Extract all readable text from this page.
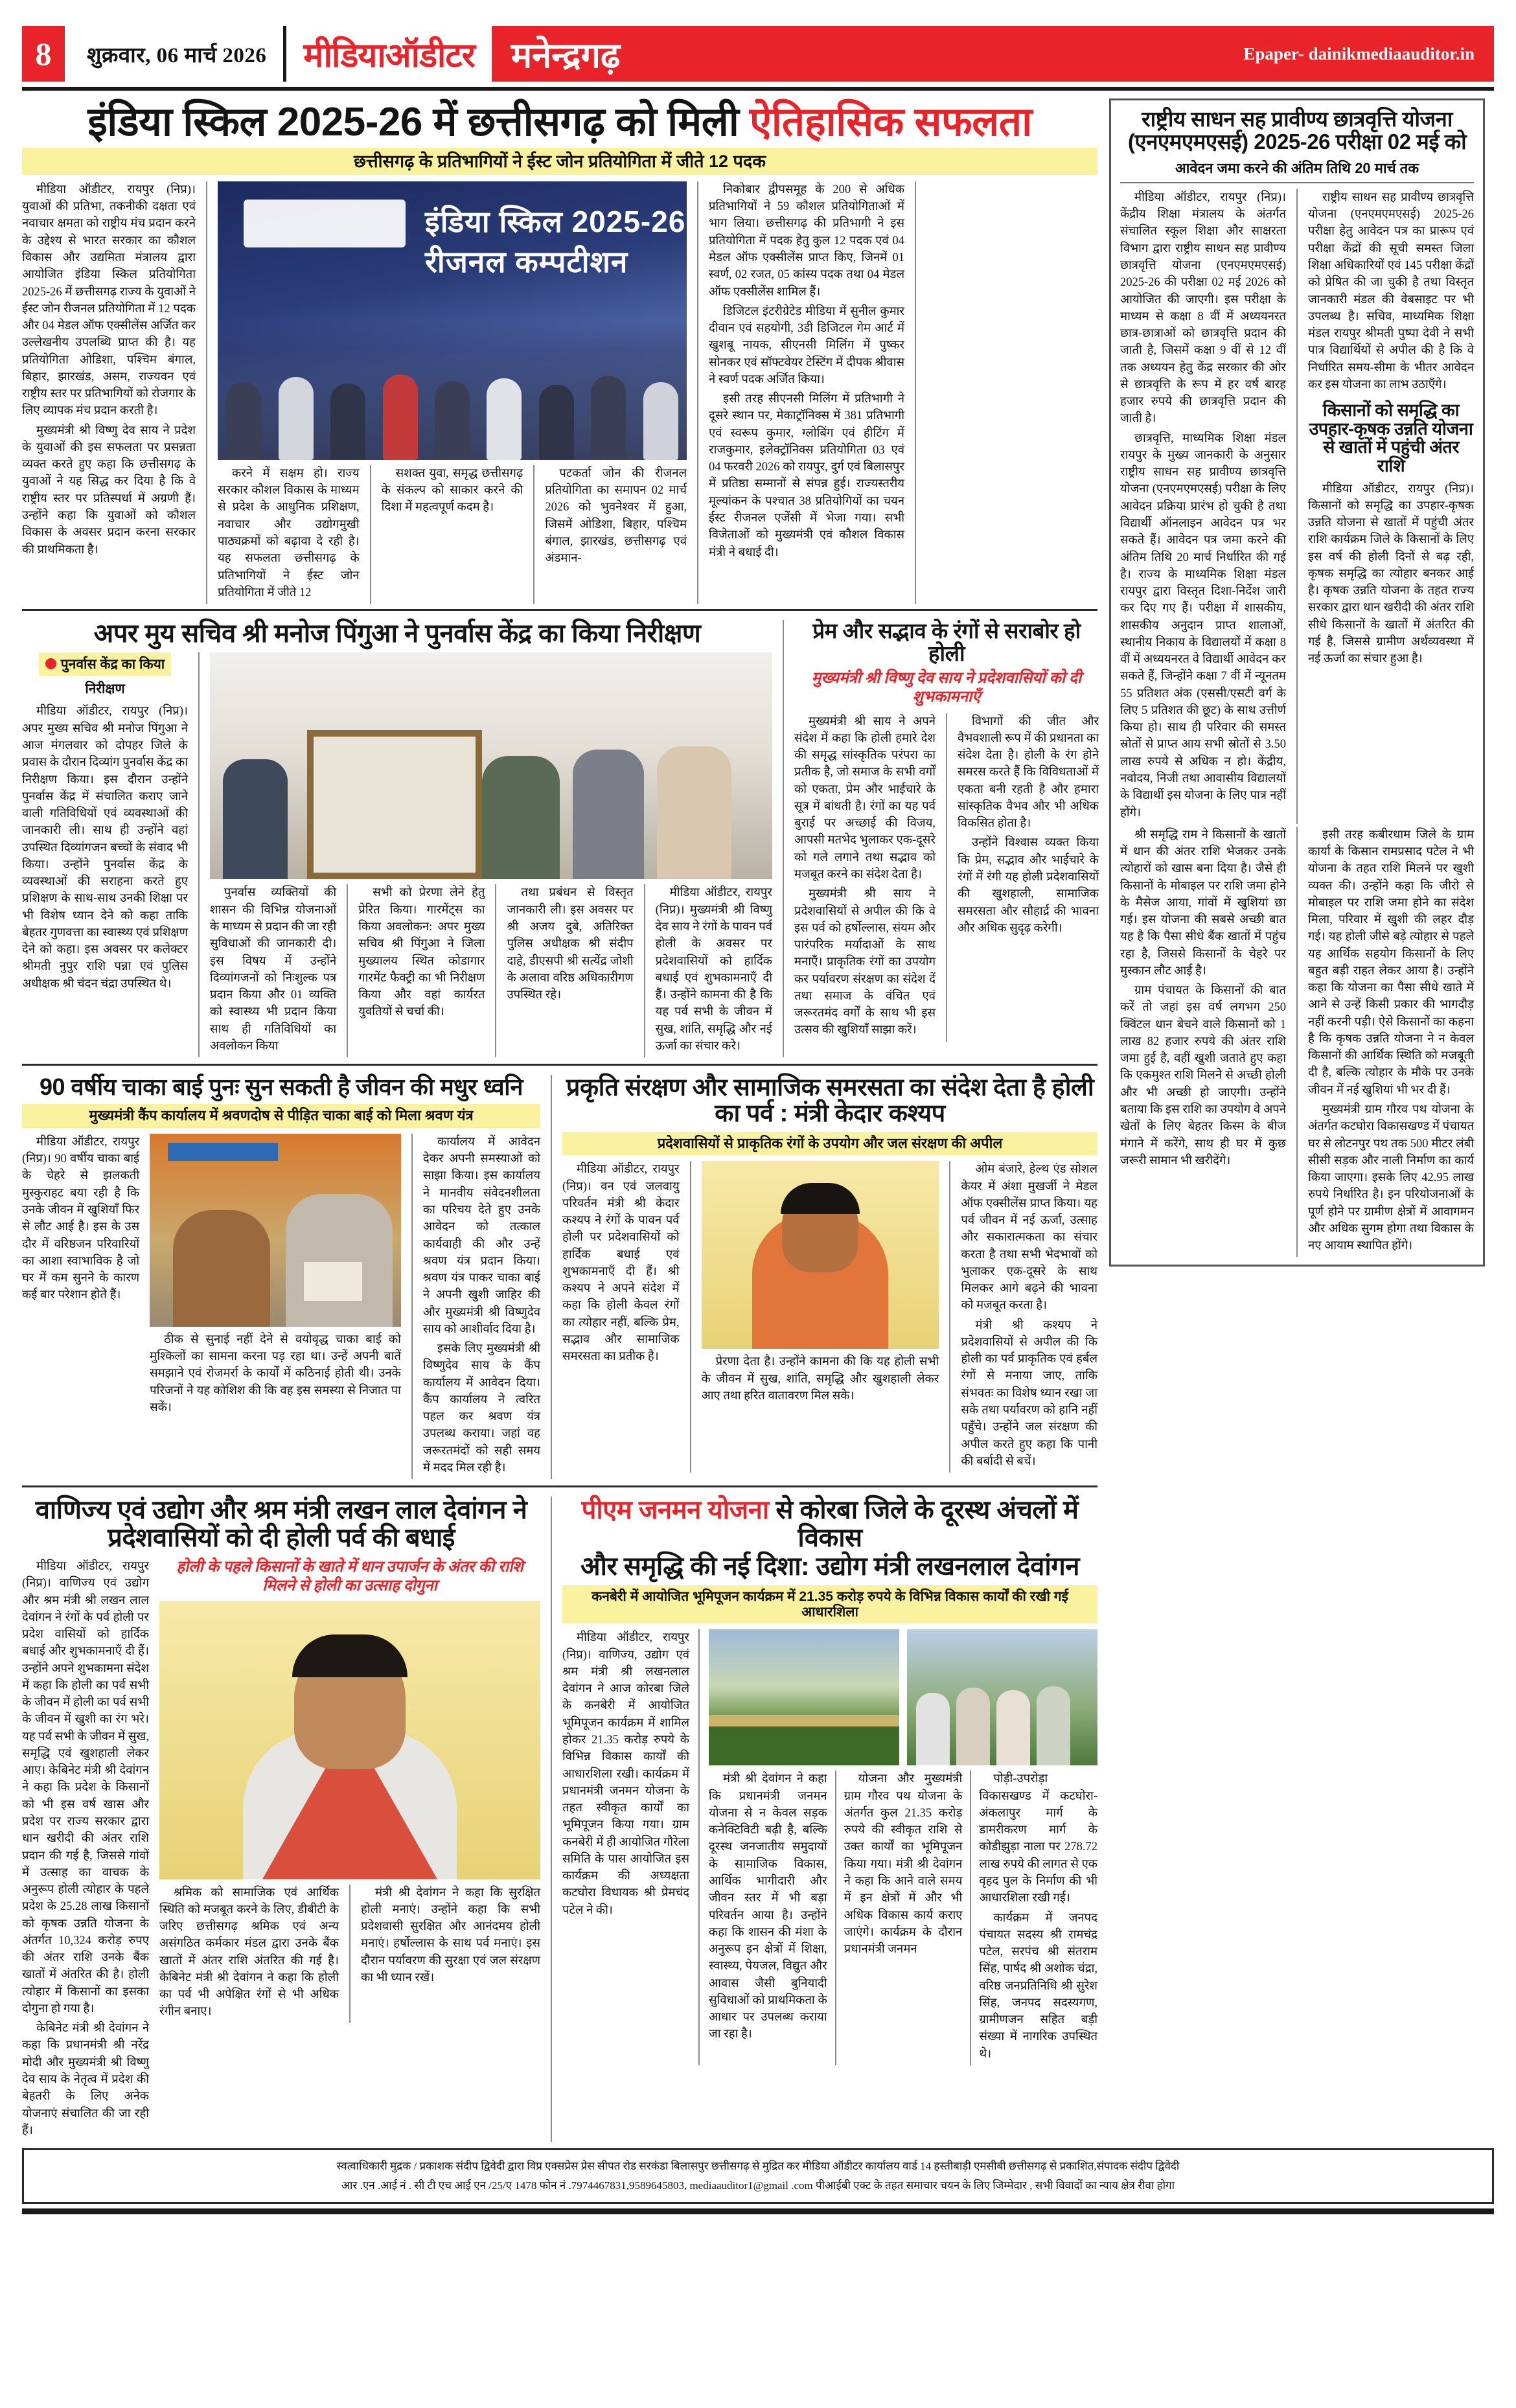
8	शुक्रवार, 06 मार्च 2026 मीडियाऑडीटर मनेन्द्रगढ़	Epaper- dainikmediaauditor.in
इंडिया स्किल 2025-26 में छत्तीसगढ़ को मिली ऐतिहासिक सफलता
छत्तीसगढ़ के प्रतिभागियों ने ईस्ट जोन प्रतियोगिता में जीते 12 पदक

मीडिया ऑडीटर, रायपुर (निप्र)। युवाओं की प्रतिभा, तकनीकी दक्षता एवं नवाचार क्षमता को राष्ट्रीय मंच प्रदान करने के उद्देश्य से भारत सरकार का कौशल विकास और उद्यमिता मंत्रालय द्वारा आयोजित इंडिया स्किल प्रतियोगिता 2025-26 में छत्तीसगढ़ राज्य के युवाओं ने ईस्ट जोन रीजनल प्रतियोगिता में 12 पदक और 04 मेडल ऑफ एक्सीलेंस अर्जित कर उल्लेखनीय उपलब्धि प्राप्त की है। यह प्रतियोगिता ओडिशा, पश्चिम बंगाल, बिहार, झारखंड, असम, राज्यवन एवं राष्ट्रीय स्तर पर प्रतिभागियों को रोजगार के लिए व्यापक मंच प्रदान करती है।

मुख्यमंत्री श्री विष्णु देव साय ने प्रदेश के युवाओं की इस सफलता पर प्रसन्नता व्यक्त करते हुए कहा कि छत्तीसगढ़ के युवाओं ने यह सिद्ध कर दिया है कि वे राष्ट्रीय स्तर पर प्रतिस्पर्धा में अग्रणी हैं। उन्होंने कहा कि युवाओं को कौशल विकास के अवसर प्रदान करना सरकार की प्राथमिकता है।

इंडिया स्किल 2025-26 रीजनल कम्पटीशन

करने में सक्षम हो। राज्य सरकार कौशल विकास के माध्यम से प्रदेश के आधुनिक प्रशिक्षण, नवाचार और उद्योगमुखी पाठ्यक्रमों को बढ़ावा दे रही है। यह सफलता छत्तीसगढ़ के प्रतिभागियों ने ईस्ट जोन प्रतियोगिता में जीते 12

सशक्त युवा, समृद्ध छत्तीसगढ़ के संकल्प को साकार करने की दिशा में महत्वपूर्ण कदम है।

पटकर्ता जोन की रीजनल प्रतियोगिता का समापन 02 मार्च 2026 को भुवनेश्वर में हुआ, जिसमें ओडिशा, बिहार, पश्चिम बंगाल, झारखंड, छत्तीसगढ़ एवं अंडमान-

निकोबार द्वीपसमूह के 200 से अधिक प्रतिभागियों ने 59 कौशल प्रतियोगिताओं में भाग लिया। छत्तीसगढ़ की प्रतिभागी ने इस प्रतियोगिता में पदक हेतु कुल 12 पदक एवं 04 मेडल ऑफ एक्सीलेंस प्राप्त किए, जिनमें 01 स्वर्ण, 02 रजत, 05 कांस्य पदक तथा 04 मेडल ऑफ एक्सीलेंस शामिल हैं।

डिजिटल इंटरीग्रेटेड मीडिया में सुनील कुमार दीवान एवं सहयोगी, 3डी डिजिटल गेम आर्ट में खुशबू नायक, सीएनसी मिलिंग में पुष्कर सोनकर एवं सॉफ्टवेयर टेस्टिंग में दीपक श्रीवास ने स्वर्ण पदक अर्जित किया।

इसी तरह सीएनसी मिलिंग में प्रतिभागी ने दूसरे स्थान पर, मेकाट्रॉनिक्स में 381 प्रतिभागी एवं स्वरूप कुमार, ग्लोबिंग एवं हीटिंग में राजकुमार, इलेक्ट्रॉनिक्स प्रतियोगिता 03 एवं 04 फरवरी 2026 को रायपुर, दुर्ग एवं बिलासपुर में प्रतिष्ठा सम्मानों से संपन्न हुई। राज्यस्तरीय मूल्यांकन के पश्चात 38 प्रतियोगियों का चयन ईस्ट रीजनल एजेंसी में भेजा गया। सभी विजेताओं को मुख्यमंत्री एवं कौशल विकास मंत्री ने बधाई दी।

अपर मुय सचिव श्री मनोज पिंगुआ ने पुनर्वास केंद्र का किया निरीक्षण
पुनर्वास केंद्र का किया
निरीक्षण

मीडिया ऑडीटर, रायपुर (निप्र)। अपर मुख्य सचिव श्री मनोज पिंगुआ ने आज मंगलवार को दोपहर जिले के प्रवास के दौरान दिव्यांग पुनर्वास केंद्र का निरीक्षण किया। इस दौरान उन्होंने पुनर्वास केंद्र में संचालित कराए जाने वाली गतिविधियों एवं व्यवस्थाओं की जानकारी ली। साथ ही उन्होंने वहां उपस्थित दिव्यांगजन बच्चों के संवाद भी किया। उन्होंने पुनर्वास केंद्र के व्यवस्थाओं की सराहना करते हुए प्रशिक्षण के साथ-साथ उनकी शिक्षा पर भी विशेष ध्यान देने को कहा ताकि बेहतर गुणवत्ता का स्वास्थ्य एवं प्रशिक्षण देने को कहा। इस अवसर पर कलेक्टर श्रीमती नुपुर राशि पन्ना एवं पुलिस अधीक्षक श्री चंदन चंद्रा उपस्थित थे।

पुनर्वास व्यक्तियों की शासन की विभिन्न योजनाओं के माध्यम से प्रदान की जा रही सुविधाओं की जानकारी दी। इस विषय में उन्होंने दिव्यांगजनों को निःशुल्क पत्र प्रदान किया और 01 व्यक्ति को स्वास्थ्य भी प्रदान किया साथ ही गतिविधियों का अवलोकन किया

सभी को प्रेरणा लेने हेतु प्रेरित किया। गारमेंट्स का किया अवलोकन: अपर मुख्य सचिव श्री पिंगुआ ने जिला मुख्यालय स्थित कोडागार गारमेंट फैक्ट्री का भी निरीक्षण किया और वहां कार्यरत युवतियों से चर्चा की।

तथा प्रबंधन से विस्तृत जानकारी ली। इस अवसर पर श्री अजय दुबे, अतिरिक्त पुलिस अधीक्षक श्री संदीप दाहे, डीएसपी श्री सत्येंद्र जोशी के अलावा वरिष्ठ अधिकारीगण उपस्थित रहे।

मीडिया ऑडीटर, रायपुर (निप्र)। मुख्यमंत्री श्री विष्णु देव साय ने रंगों के पावन पर्व होली के अवसर पर प्रदेशवासियों को हार्दिक बधाई एवं शुभकामनाएँ दी हैं। उन्होंने कामना की है कि यह पर्व सभी के जीवन में सुख, शांति, समृद्धि और नई ऊर्जा का संचार करे।

प्रेम और सद्भाव के रंगों से सराबोर हो होली
मुख्यमंत्री श्री विष्णु देव साय ने प्रदेशवासियों को दी शुभकामनाएँ

मुख्यमंत्री श्री साय ने अपने संदेश में कहा कि होली हमारे देश की समृद्ध सांस्कृतिक परंपरा का प्रतीक है, जो समाज के सभी वर्गों को एकता, प्रेम और भाईचारे के सूत्र में बांधती है। रंगों का यह पर्व बुराई पर अच्छाई की विजय, आपसी मतभेद भुलाकर एक-दूसरे को गले लगाने तथा सद्भाव को मजबूत करने का संदेश देता है।

मुख्यमंत्री श्री साय ने प्रदेशवासियों से अपील की कि वे इस पर्व को हर्षोल्लास, संयम और पारंपरिक मर्यादाओं के साथ मनाएँ। प्राकृतिक रंगों का उपयोग कर पर्यावरण संरक्षण का संदेश दें तथा समाज के वंचित एवं जरूरतमंद वर्गों के साथ भी इस उत्सव की खुशियाँ साझा करें।

विभागों की जीत और वैभवशाली रूप में की प्रधानता का संदेश देता है। होली के रंग होने समरस करते हैं कि विविधताओं में एकता बनी रहती है और हमारा सांस्कृतिक वैभव और भी अधिक विकसित होता है।

उन्होंने विश्वास व्यक्त किया कि प्रेम, सद्भाव और भाईचारे के रंगों में रंगी यह होली प्रदेशवासियों की खुशहाली, सामाजिक समरसता और सौहार्द्र की भावना और अधिक सुदृढ़ करेगी।

90 वर्षीय चाका बाई पुनः सुन सकती है जीवन की मधुर ध्वनि
मुख्यमंत्री कैंप कार्यालय में श्रवणदोष से पीड़ित चाका बाई को मिला श्रवण यंत्र

मीडिया ऑडीटर, रायपुर (निप्र)। 90 वर्षीय चाका बाई के चेहरे से झलकती मुस्कुराहट बया रही है कि उनके जीवन में खुशियाँ फिर से लौट आई है। इस के उस दौर में वरिष्ठजन परिवारियों का आशा स्वाभाविक है जो घर में कम सुनने के कारण कई बार परेशान होते हैं।

ठीक से सुनाई नहीं देने से वयोवृद्ध चाका बाई को मुश्किलों का सामना करना पड़ रहा था। उन्हें अपनी बातें समझाने एवं रोजमर्रा के कार्यों में कठिनाई होती थी। उनके परिजनों ने यह कोशिश की कि वह इस समस्या से निजात पा सकें।

कार्यालय में आवेदन देकर अपनी समस्याओं को साझा किया। इस कार्यालय ने मानवीय संवेदनशीलता का परिचय देते हुए उनके आवेदन को तत्काल कार्यवाही की और उन्हें श्रवण यंत्र प्रदान किया। श्रवण यंत्र पाकर चाका बाई ने अपनी खुशी जाहिर की और मुख्यमंत्री श्री विष्णुदेव साय को आशीर्वाद दिया है।

इसके लिए मुख्यमंत्री श्री विष्णुदेव साय के कैंप कार्यालय में आवेदन दिया। कैंप कार्यालय ने त्वरित पहल कर श्रवण यंत्र उपलब्ध कराया। जहां वह जरूरतमंदों को सही समय में मदद मिल रही है।

प्रकृति संरक्षण और सामाजिक समरसता का संदेश देता है होली का पर्व : मंत्री केदार कश्यप
प्रदेशवासियों से प्राकृतिक रंगों के उपयोग और जल संरक्षण की अपील

मीडिया ऑडीटर, रायपुर (निप्र)। वन एवं जलवायु परिवर्तन मंत्री श्री केदार कश्यप ने रंगों के पावन पर्व होली पर प्रदेशवासियों को हार्दिक बधाई एवं शुभकामनाएँ दी हैं। श्री कश्यप ने अपने संदेश में कहा कि होली केवल रंगों का त्योहार नहीं, बल्कि प्रेम, सद्भाव और सामाजिक समरसता का प्रतीक है।	प्रेरणा देता है। उन्होंने कामना की कि यह होली सभी के जीवन में सुख, शांति, समृद्धि और खुशहाली लेकर आए तथा हरित वातावरण मिल सके।

ओम बंजारे, हेल्थ एंड सोशल केयर में अंशा मुखर्जी ने मेडल ऑफ एक्सीलेंस प्राप्त किया। यह पर्व जीवन में नई ऊर्जा, उत्साह और सकारात्मकता का संचार करता है तथा सभी भेदभावों को भुलाकर एक-दूसरे के साथ मिलकर आगे बढ़ने की भावना को मजबूत करता है।

मंत्री श्री कश्यप ने प्रदेशवासियों से अपील की कि होली का पर्व प्राकृतिक एवं हर्बल रंगों से मनाया जाए, ताकि संभवतः का विशेष ध्यान रखा जा सके तथा पर्यावरण को हानि नहीं पहुँचे। उन्होंने जल संरक्षण की अपील करते हुए कहा कि पानी की बर्बादी से बचें।

वाणिज्य एवं उद्योग और श्रम मंत्री लखन लाल देवांगन ने प्रदेशवासियों को दी होली पर्व की बधाई

मीडिया ऑडीटर, रायपुर (निप्र)। वाणिज्य एवं उद्योग और श्रम मंत्री श्री लखन लाल देवांगन ने रंगों के पर्व होली पर प्रदेश वासियों को हार्दिक बधाई और शुभकामनाएँ दी हैं। उन्होंने अपने शुभकामना संदेश में कहा कि होली का पर्व सभी के जीवन में होली का पर्व सभी के जीवन में खुशी का रंग भरे। यह पर्व सभी के जीवन में सुख, समृद्धि एवं खुशहाली लेकर आए। केबिनेट मंत्री श्री देवांगन ने कहा कि प्रदेश के किसानों को भी इस वर्ष खास और प्रदेश पर राज्य सरकार द्वारा धान खरीदी की अंतर राशि प्रदान की गई है, जिससे गांवों में उत्साह का वाचक के अनुरूप होली त्योहार के पहले प्रदेश के 25.28 लाख किसानों को कृषक उन्नति योजना के अंतर्गत 10,324 करोड़ रुपए की अंतर राशि उनके बैंक खातों में अंतरित की है। होली त्योहार में किसानों का इसका दोगुना हो गया है।

केबिनेट मंत्री श्री देवांगन ने कहा कि प्रधानमंत्री श्री नरेंद्र मोदी और मुख्यमंत्री श्री विष्णु देव साय के नेतृत्व में प्रदेश की बेहतरी के लिए अनेक योजनाएं संचालित की जा रही हैं।

होली के पहले किसानों के खाते में धान उपार्जन के अंतर की राशि मिलने से होली का उत्साह दोगुना

श्रमिक को सामाजिक एवं आर्थिक स्थिति को मजबूत करने के लिए, डीबीटी के जरिए छत्तीसगढ़ श्रमिक एवं अन्य असंगठित कर्मकार मंडल द्वारा उनके बैंक खातों में अंतर राशि अंतरित की गई है। केबिनेट मंत्री श्री देवांगन ने कहा कि होली का पर्व भी अपेक्षित रंगों से भी अधिक रंगीन बनाए।

मंत्री श्री देवांगन ने कहा कि सुरक्षित होली मनाएं। उन्होंने कहा कि सभी प्रदेशवासी सुरक्षित और आनंदमय होली मनाएं। हर्षोल्लास के साथ पर्व मनाएं। इस दौरान पर्यावरण की सुरक्षा एवं जल संरक्षण का भी ध्यान रखें।

पीएम जनमन योजना से कोरबा जिले के दूरस्थ अंचलों में विकास
और समृद्धि की नई दिशा: उद्योग मंत्री लखनलाल देवांगन
कनबेरी में आयोजित भूमिपूजन कार्यक्रम में 21.35 करोड़ रुपये के विभिन्न विकास कार्यों की रखी गई आधारशिला

मीडिया ऑडीटर, रायपुर (निप्र)। वाणिज्य, उद्योग एवं श्रम मंत्री श्री लखनलाल देवांगन ने आज कोरबा जिले के कनबेरी में आयोजित भूमिपूजन कार्यक्रम में शामिल होकर 21.35 करोड़ रुपये के विभिन्न विकास कार्यों की आधारशिला रखी। कार्यक्रम में प्रधानमंत्री जनमन योजना के तहत स्वीकृत कार्यों का भूमिपूजन किया गया। ग्राम कनबेरी में ही आयोजित गौरेला समिति के पास आयोजित इस कार्यक्रम की अध्यक्षता कटघोरा विधायक श्री प्रेमचंद पटेल ने की।

मंत्री श्री देवांगन ने कहा कि प्रधानमंत्री जनमन योजना से न केवल सड़क कनेक्टिविटी बढ़ी है, बल्कि दूरस्थ जनजातीय समुदायों के सामाजिक विकास, आर्थिक भागीदारी और जीवन स्तर में भी बड़ा परिवर्तन आया है। उन्होंने कहा कि शासन की मंशा के अनुरूप इन क्षेत्रों में शिक्षा, स्वास्थ्य, पेयजल, विद्युत और आवास जैसी बुनियादी सुविधाओं को प्राथमिकता के आधार पर उपलब्ध कराया जा रहा है।

योजना और मुख्यमंत्री ग्राम गौरव पथ योजना के अंतर्गत कुल 21.35 करोड़ रुपये की स्वीकृत राशि से उक्त कार्यों का भूमिपूजन किया गया। मंत्री श्री देवांगन ने कहा कि आने वाले समय में इन क्षेत्रों में और भी अधिक विकास कार्य कराए जाएंगे। कार्यक्रम के दौरान प्रधानमंत्री जनमन

पोड़ी-उपरोड़ा विकासखण्ड में कटघोरा-अंकलापुर मार्ग के डामरीकरण मार्ग के कोडीझुड़ा नाला पर 278.72 लाख रुपये की लागत से एक वृहद पुल के निर्माण की भी आधारशिला रखी गई।

कार्यक्रम में जनपद पंचायत सदस्य श्री रामचंद्र पटेल, सरपंच श्री संतराम सिंह, पार्षद श्री अशोक चंद्रा, वरिष्ठ जनप्रतिनिधि श्री सुरेश सिंह, जनपद सदस्यगण, ग्रामीणजन सहित बड़ी संख्या में नागरिक उपस्थित थे।

राष्ट्रीय साधन सह प्रावीण्य छात्रवृत्ति योजना (एनएमएमएसई) 2025-26 परीक्षा 02 मई को
आवेदन जमा करने की अंतिम तिथि 20 मार्च तक

मीडिया ऑडीटर, रायपुर (निप्र)। केंद्रीय शिक्षा मंत्रालय के अंतर्गत संचालित स्कूल शिक्षा और साक्षरता विभाग द्वारा राष्ट्रीय साधन सह प्रावीण्य छात्रवृत्ति योजना (एनएमएमएसई) 2025-26 की परीक्षा 02 मई 2026 को आयोजित की जाएगी। इस परीक्षा के माध्यम से कक्षा 8 वीं में अध्ययनरत छात्र-छात्राओं को छात्रवृत्ति प्रदान की जाती है, जिसमें कक्षा 9 वीं से 12 वीं तक अध्ययन हेतु केंद्र सरकार की ओर से छात्रवृत्ति के रूप में हर वर्ष बारह हजार रुपये की छात्रवृत्ति प्रदान की जाती है।

छात्रवृत्ति, माध्यमिक शिक्षा मंडल रायपुर के मुख्य जानकारी के अनुसार राष्ट्रीय साधन सह प्रावीण्य छात्रवृत्ति योजना (एनएमएमएसई) परीक्षा के लिए आवेदन प्रक्रिया प्रारंभ हो चुकी है तथा विद्यार्थी ऑनलाइन आवेदन पत्र भर सकते हैं। आवेदन पत्र जमा करने की अंतिम तिथि 20 मार्च निर्धारित की गई है। राज्य के माध्यमिक शिक्षा मंडल रायपुर द्वारा विस्तृत दिशा-निर्देश जारी कर दिए गए हैं। परीक्षा में शासकीय, शासकीय अनुदान प्राप्त शालाओं, स्थानीय निकाय के विद्यालयों में कक्षा 8 वीं में अध्ययनरत वे विद्यार्थी आवेदन कर सकते हैं, जिन्होंने कक्षा 7 वीं में न्यूनतम 55 प्रतिशत अंक (एससी/एसटी वर्ग के लिए 5 प्रतिशत की छूट) के साथ उत्तीर्ण किया हो। साथ ही परिवार की समस्त स्रोतों से प्राप्त आय सभी स्रोतों से 3.50 लाख रुपये से अधिक न हो। केंद्रीय, नवोदय, निजी तथा आवासीय विद्यालयों के विद्यार्थी इस योजना के लिए पात्र नहीं होंगे।

राष्ट्रीय साधन सह प्रावीण्य छात्रवृत्ति योजना (एनएमएमएसई) 2025-26 परीक्षा हेतु आवेदन पत्र का प्रारूप एवं परीक्षा केंद्रों की सूची समस्त जिला शिक्षा अधिकारियों एवं 145 परीक्षा केंद्रों को प्रेषित की जा चुकी है तथा विस्तृत जानकारी मंडल की वेबसाइट पर भी उपलब्ध है। सचिव, माध्यमिक शिक्षा मंडल रायपुर श्रीमती पुष्पा देवी ने सभी पात्र विद्यार्थियों से अपील की है कि वे निर्धारित समय-सीमा के भीतर आवेदन कर इस योजना का लाभ उठाएँगे।

किसानों को समृद्धि का उपहार-कृषक उन्नति योजना से खातों में पहुंची अंतर राशि

मीडिया ऑडीटर, रायपुर (निप्र)। किसानों को समृद्धि का उपहार-कृषक उन्नति योजना से खातों में पहुंची अंतर राशि कार्यक्रम जिले के किसानों के लिए इस वर्ष की होली दिनों से बढ़ रही, कृषक समृद्धि का त्योहार बनकर आई है। कृषक उन्नति योजना के तहत राज्य सरकार द्वारा धान खरीदी की अंतर राशि सीधे किसानों के खातों में अंतरित की गई है, जिससे ग्रामीण अर्थव्यवस्था में नई ऊर्जा का संचार हुआ है।

श्री समृद्धि राम ने किसानों के खातों में धान की अंतर राशि भेजकर उनके त्योहारों को खास बना दिया है। जैसे ही किसानों के मोबाइल पर राशि जमा होने के मैसेज आया, गांवों में खुशियां छा गई। इस योजना की सबसे अच्छी बात यह है कि पैसा सीधे बैंक खातों में पहुंच रहा है, जिससे किसानों के चेहरे पर मुस्कान लौट आई है।

ग्राम पंचायत के किसानों की बात करें तो जहां इस वर्ष लगभग 250 क्विंटल धान बेचने वाले किसानों को 1 लाख 82 हजार रुपये की अंतर राशि जमा हुई है, वहीं खुशी जताते हुए कहा कि एकमुश्त राशि मिलने से अच्छी होली और भी अच्छी हो जाएगी। उन्होंने बताया कि इस राशि का उपयोग वे अपने खेतों के लिए बेहतर किस्म के बीज मंगाने में करेंगे, साथ ही घर में कुछ जरूरी सामान भी खरीदेंगे।

इसी तरह कबीरधाम जिले के ग्राम कार्या के किसान रामप्रसाद पटेल ने भी योजना के तहत राशि मिलने पर खुशी व्यक्त की। उन्होंने कहा कि जीरो से मोबाइल पर राशि जमा होने का संदेश मिला, परिवार में खुशी की लहर दौड़ गई। यह होली जीसे बड़े त्योहार से पहले यह आर्थिक सहयोग किसानों के लिए बहुत बड़ी राहत लेकर आया है। उन्होंने कहा कि योजना का पैसा सीधे खाते में आने से उन्हें किसी प्रकार की भागदौड़ नहीं करनी पड़ी। ऐसे किसानों का कहना है कि कृषक उन्नति योजना ने न केवल किसानों की आर्थिक स्थिति को मजबूती दी है, बल्कि त्योहार के मौके पर उनके जीवन में नई खुशियां भी भर दी हैं।

मुख्यमंत्री ग्राम गौरव पथ योजना के अंतर्गत कटघोरा विकासखण्ड में पंचायत घर से लोटनपुर पथ तक 500 मीटर लंबी सीसी सड़क और नाली निर्माण का कार्य किया जाएगा। इसके लिए 42.95 लाख रुपये निर्धारित है। इन परियोजनाओं के पूर्ण होने पर ग्रामीण क्षेत्रों में आवागमन और अधिक सुगम होगा तथा विकास के नए आयाम स्थापित होंगे।

स्वत्वाधिकारी मुद्रक / प्रकाशक संदीप द्विवेदी द्वारा विप्र एक्सप्रेस प्रेस सीपत रोड सरकंडा बिलासपुर छत्तीसगढ़ से मुद्रित कर मीडिया ऑडीटर कार्यालय वार्ड 14 हस्तीबाड़ी एमसीबी छत्तीसगढ़ से प्रकाशित,संपादक संदीप द्विवेदी
आर .एन .आई नं . सी टी एच आई एन /25/ए 1478 फोन नं .7974467831,9589645803, mediaauditor1@gmail .com पीआईबी एक्ट के तहत समाचार चयन के लिए जिम्मेदार , सभी विवादों का न्याय क्षेत्र रीवा होगा
